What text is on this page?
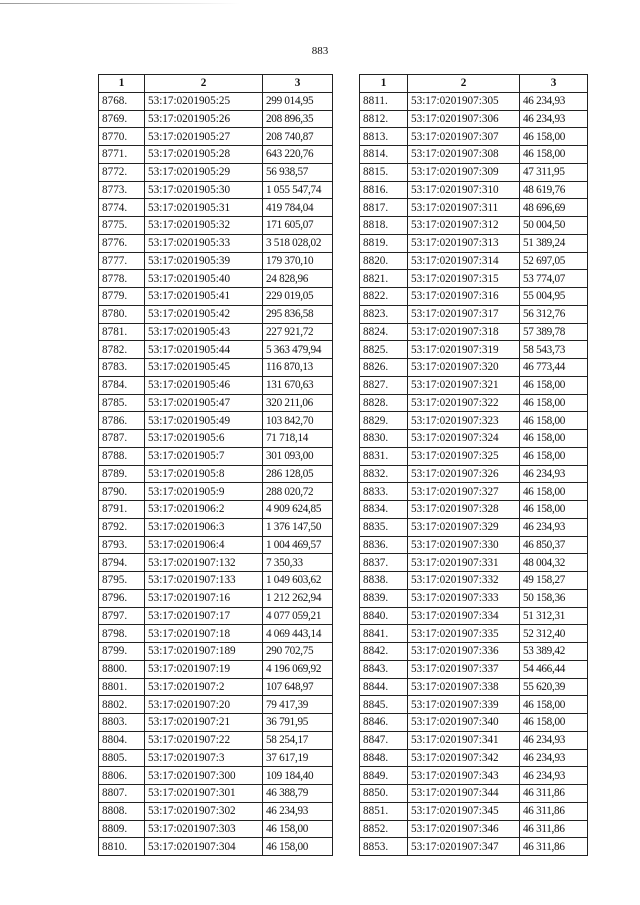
883
1	2	3
8768.	53:17:0201905:25	299 014,95
8769.	53:17:0201905:26	208 896,35
8770.	53:17:0201905:27	208 740,87
8771.	53:17:0201905:28	643 220,76
8772.	53:17:0201905:29	56 938,57
8773.	53:17:0201905:30	1 055 547,74
8774.	53:17:0201905:31	419 784,04
8775.	53:17:0201905:32	171 605,07
8776.	53:17:0201905:33	3 518 028,02
8777.	53:17:0201905:39	179 370,10
8778.	53:17:0201905:40	24 828,96
8779.	53:17:0201905:41	229 019,05
8780.	53:17:0201905:42	295 836,58
8781.	53:17:0201905:43	227 921,72
8782.	53:17:0201905:44	5 363 479,94
8783.	53:17:0201905:45	116 870,13
8784.	53:17:0201905:46	131 670,63
8785.	53:17:0201905:47	320 211,06
8786.	53:17:0201905:49	103 842,70
8787.	53:17:0201905:6	71 718,14
8788.	53:17:0201905:7	301 093,00
8789.	53:17:0201905:8	286 128,05
8790.	53:17:0201905:9	288 020,72
8791.	53:17:0201906:2	4 909 624,85
8792.	53:17:0201906:3	1 376 147,50
8793.	53:17:0201906:4	1 004 469,57
8794.	53:17:0201907:132	7 350,33
8795.	53:17:0201907:133	1 049 603,62
8796.	53:17:0201907:16	1 212 262,94
8797.	53:17:0201907:17	4 077 059,21
8798.	53:17:0201907:18	4 069 443,14
8799.	53:17:0201907:189	290 702,75
8800.	53:17:0201907:19	4 196 069,92
8801.	53:17:0201907:2	107 648,97
8802.	53:17:0201907:20	79 417,39
8803.	53:17:0201907:21	36 791,95
8804.	53:17:0201907:22	58 254,17
8805.	53:17:0201907:3	37 617,19
8806.	53:17:0201907:300	109 184,40
8807.	53:17:0201907:301	46 388,79
8808.	53:17:0201907:302	46 234,93
8809.	53:17:0201907:303	46 158,00
8810.	53:17:0201907:304	46 158,00
1	2	3
8811.	53:17:0201907:305	46 234,93
8812.	53:17:0201907:306	46 234,93
8813.	53:17:0201907:307	46 158,00
8814.	53:17:0201907:308	46 158,00
8815.	53:17:0201907:309	47 311,95
8816.	53:17:0201907:310	48 619,76
8817.	53:17:0201907:311	48 696,69
8818.	53:17:0201907:312	50 004,50
8819.	53:17:0201907:313	51 389,24
8820.	53:17:0201907:314	52 697,05
8821.	53:17:0201907:315	53 774,07
8822.	53:17:0201907:316	55 004,95
8823.	53:17:0201907:317	56 312,76
8824.	53:17:0201907:318	57 389,78
8825.	53:17:0201907:319	58 543,73
8826.	53:17:0201907:320	46 773,44
8827.	53:17:0201907:321	46 158,00
8828.	53:17:0201907:322	46 158,00
8829.	53:17:0201907:323	46 158,00
8830.	53:17:0201907:324	46 158,00
8831.	53:17:0201907:325	46 158,00
8832.	53:17:0201907:326	46 234,93
8833.	53:17:0201907:327	46 158,00
8834.	53:17:0201907:328	46 158,00
8835.	53:17:0201907:329	46 234,93
8836.	53:17:0201907:330	46 850,37
8837.	53:17:0201907:331	48 004,32
8838.	53:17:0201907:332	49 158,27
8839.	53:17:0201907:333	50 158,36
8840.	53:17:0201907:334	51 312,31
8841.	53:17:0201907:335	52 312,40
8842.	53:17:0201907:336	53 389,42
8843.	53:17:0201907:337	54 466,44
8844.	53:17:0201907:338	55 620,39
8845.	53:17:0201907:339	46 158,00
8846.	53:17:0201907:340	46 158,00
8847.	53:17:0201907:341	46 234,93
8848.	53:17:0201907:342	46 234,93
8849.	53:17:0201907:343	46 234,93
8850.	53:17:0201907:344	46 311,86
8851.	53:17:0201907:345	46 311,86
8852.	53:17:0201907:346	46 311,86
8853.	53:17:0201907:347	46 311,86
